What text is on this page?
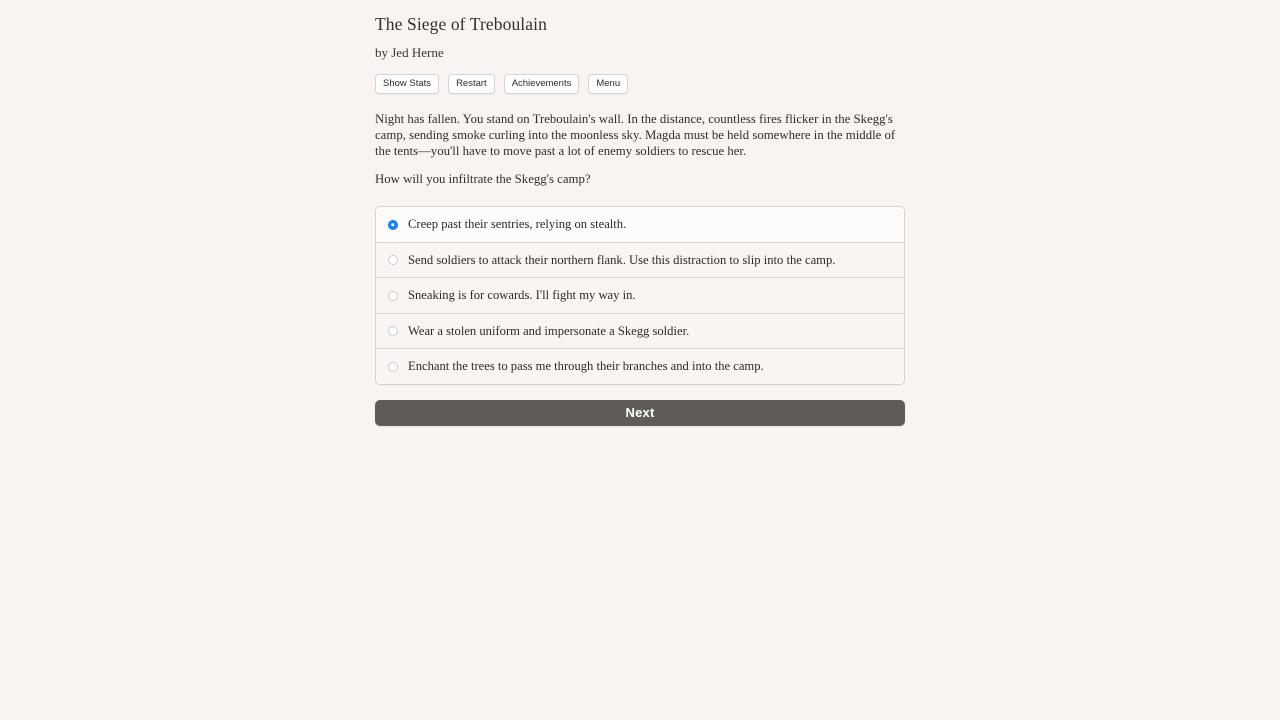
The Siege of Treboulain

by Jed Herne

Show Stats	Restart	Achievements	Menu

Night has fallen. You stand on Treboulain's wall. In the distance, countless fires flicker in the Skegg's camp, sending smoke curling into the moonless sky. Magda must be held somewhere in the middle of the tents—you'll have to move past a lot of enemy soldiers to rescue her.

How will you infiltrate the Skegg's camp?

Creep past their sentries, relying on stealth.
Send soldiers to attack their northern flank. Use this distraction to slip into the camp.
Sneaking is for cowards. I'll fight my way in.
Wear a stolen uniform and impersonate a Skegg soldier.
Enchant the trees to pass me through their branches and into the camp.
Next
